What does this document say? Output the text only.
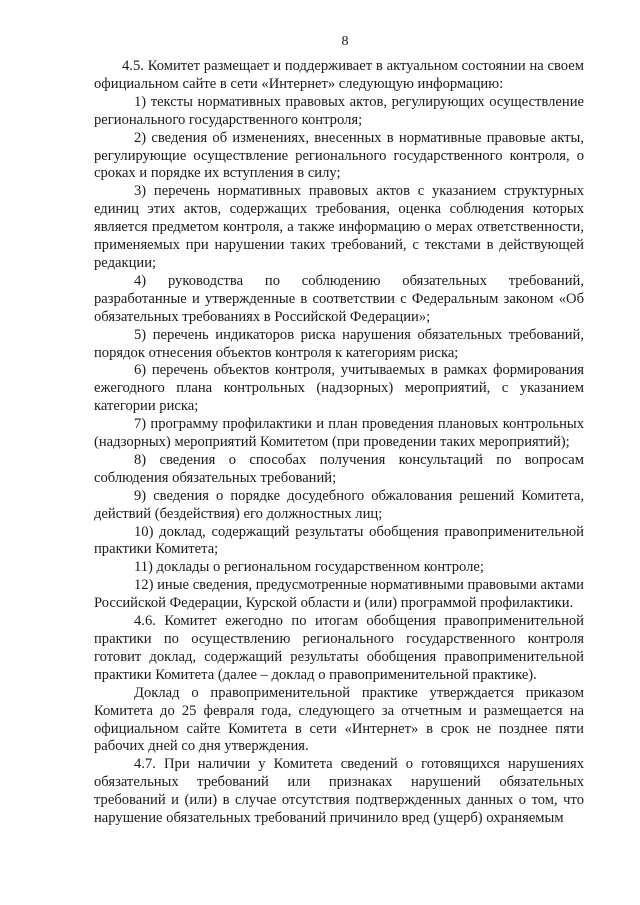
8

4.5. Комитет размещает и поддерживает в актуальном состоянии на своем официальном сайте в сети «Интернет» следующую информацию:

1) тексты нормативных правовых актов, регулирующих осуществление регионального государственного контроля;

2) сведения об изменениях, внесенных в нормативные правовые акты, регулирующие осуществление регионального государственного контроля, о сроках и порядке их вступления в силу;

3) перечень нормативных правовых актов с указанием структурных единиц этих актов, содержащих требования, оценка соблюдения которых является предметом контроля, а также информацию о мерах ответственности, применяемых при нарушении таких требований, с текстами в действующей редакции;

4) руководства по соблюдению обязательных требований, разработанные и утвержденные в соответствии с Федеральным законом «Об обязательных требованиях в Российской Федерации»;

5) перечень индикаторов риска нарушения обязательных требований, порядок отнесения объектов контроля к категориям риска;

6) перечень объектов контроля, учитываемых в рамках формирования ежегодного плана контрольных (надзорных) мероприятий, с указанием категории риска;

7) программу профилактики и план проведения плановых контрольных (надзорных) мероприятий Комитетом (при проведении таких мероприятий);

8) сведения о способах получения консультаций по вопросам соблюдения обязательных требований;

9) сведения о порядке досудебного обжалования решений Комитета, действий (бездействия) его должностных лиц;

10) доклад, содержащий результаты обобщения правоприменительной практики Комитета;

11) доклады о региональном государственном контроле;

12) иные сведения, предусмотренные нормативными правовыми актами Российской Федерации, Курской области и (или) программой профилактики.

4.6. Комитет ежегодно по итогам обобщения правоприменительной практики по осуществлению регионального государственного контроля готовит доклад, содержащий результаты обобщения правоприменительной практики Комитета (далее – доклад о правоприменительной практике).

Доклад о правоприменительной практике утверждается приказом Комитета до 25 февраля года, следующего за отчетным и размещается на официальном сайте Комитета в сети «Интернет» в срок не позднее пяти рабочих дней со дня утверждения.

4.7. При наличии у Комитета сведений о готовящихся нарушениях обязательных требований или признаках нарушений обязательных требований и (или) в случае отсутствия подтвержденных данных о том, что нарушение обязательных требований причинило вред (ущерб) охраняемым
